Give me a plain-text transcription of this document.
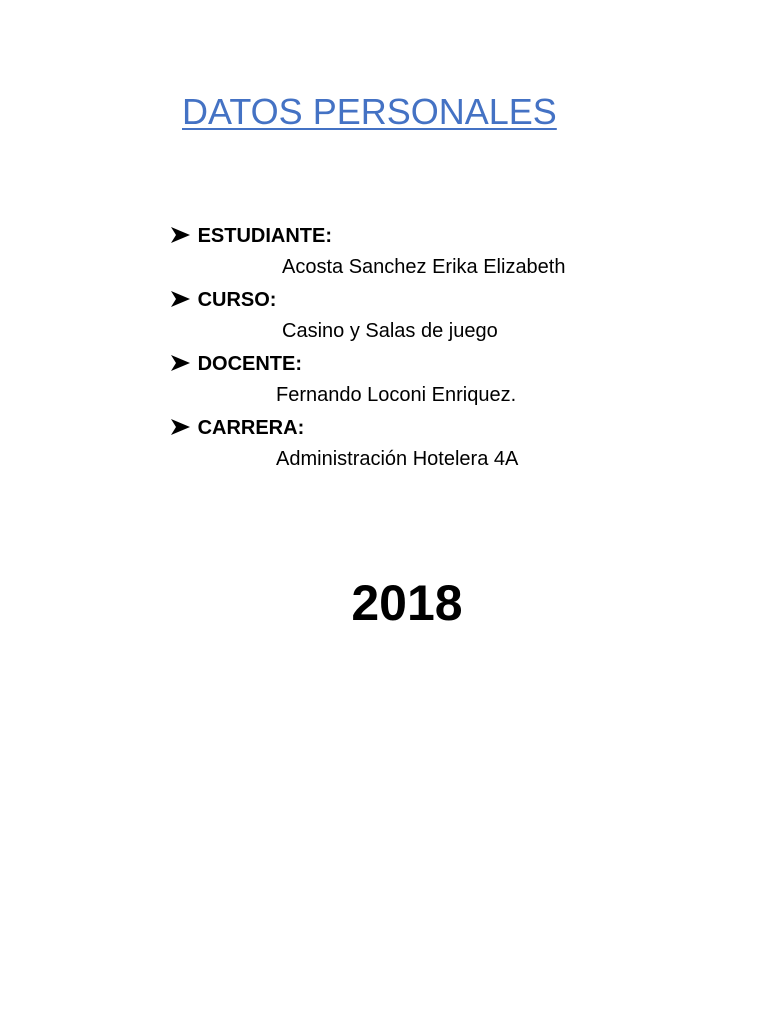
DATOS PERSONALES
ESTUDIANTE:
Acosta Sanchez Erika Elizabeth
CURSO:
Casino y Salas de juego
DOCENTE:
Fernando Loconi Enriquez.
CARRERA:
Administración Hotelera 4A
2018
